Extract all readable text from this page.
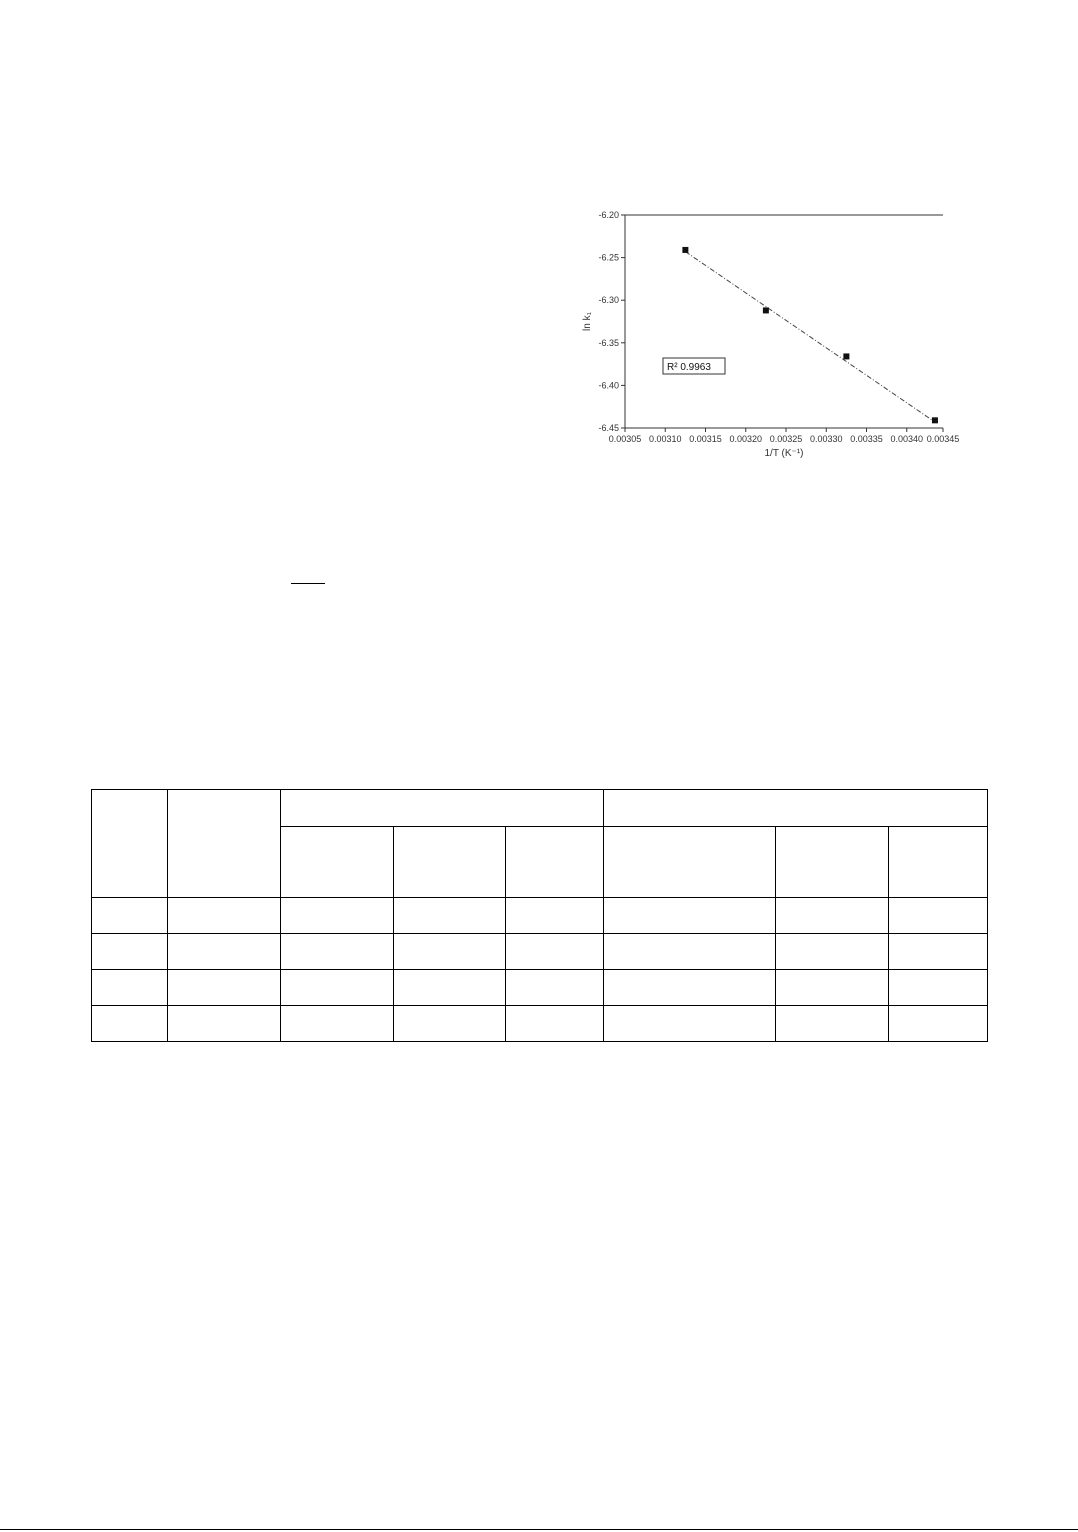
-6.20
-6.25
-6.30
-6.35
-6.40
-6.45
0.00305 0.00310 0.00315 0.00320 0.00325 0.00330 0.00335 0.00340 0.00345
R² 0.9963
1/T (K⁻¹)
ln k₁
